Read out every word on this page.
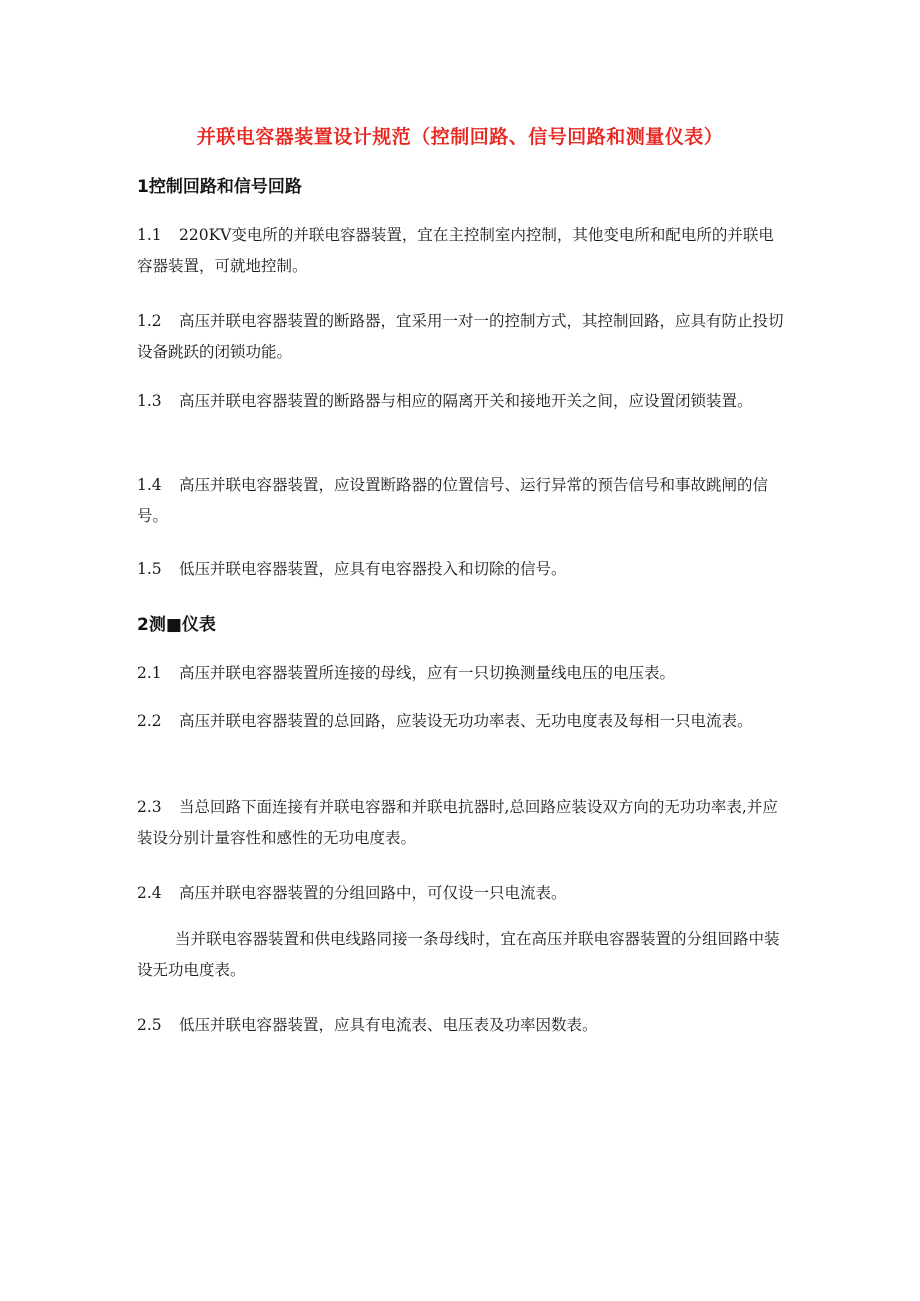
并联电容器装置设计规范（控制回路、信号回路和测量仪表）
1控制回路和信号回路
1.1 220KV变电所的并联电容器装置，宜在主控制室内控制，其他变电所和配电所的并联电容器装置，可就地控制。
1.2 高压并联电容器装置的断路器，宜采用一对一的控制方式，其控制回路，应具有防止投切设备跳跃的闭锁功能。
1.3 高压并联电容器装置的断路器与相应的隔离开关和接地开关之间，应设置闭锁装置。
1.4 高压并联电容器装置，应设置断路器的位置信号、运行异常的预告信号和事故跳闸的信号。
1.5 低压并联电容器装置，应具有电容器投入和切除的信号。
2测■仪表
2.1 高压并联电容器装置所连接的母线，应有一只切换测量线电压的电压表。
2.2 高压并联电容器装置的总回路，应装设无功功率表、无功电度表及每相一只电流表。
2.3 当总回路下面连接有并联电容器和并联电抗器时,总回路应装设双方向的无功功率表,并应装设分别计量容性和感性的无功电度表。
2.4 高压并联电容器装置的分组回路中，可仅设一只电流表。
当并联电容器装置和供电线路同接一条母线时，宜在高压并联电容器装置的分组回路中装设无功电度表。
2.5 低压并联电容器装置，应具有电流表、电压表及功率因数表。
